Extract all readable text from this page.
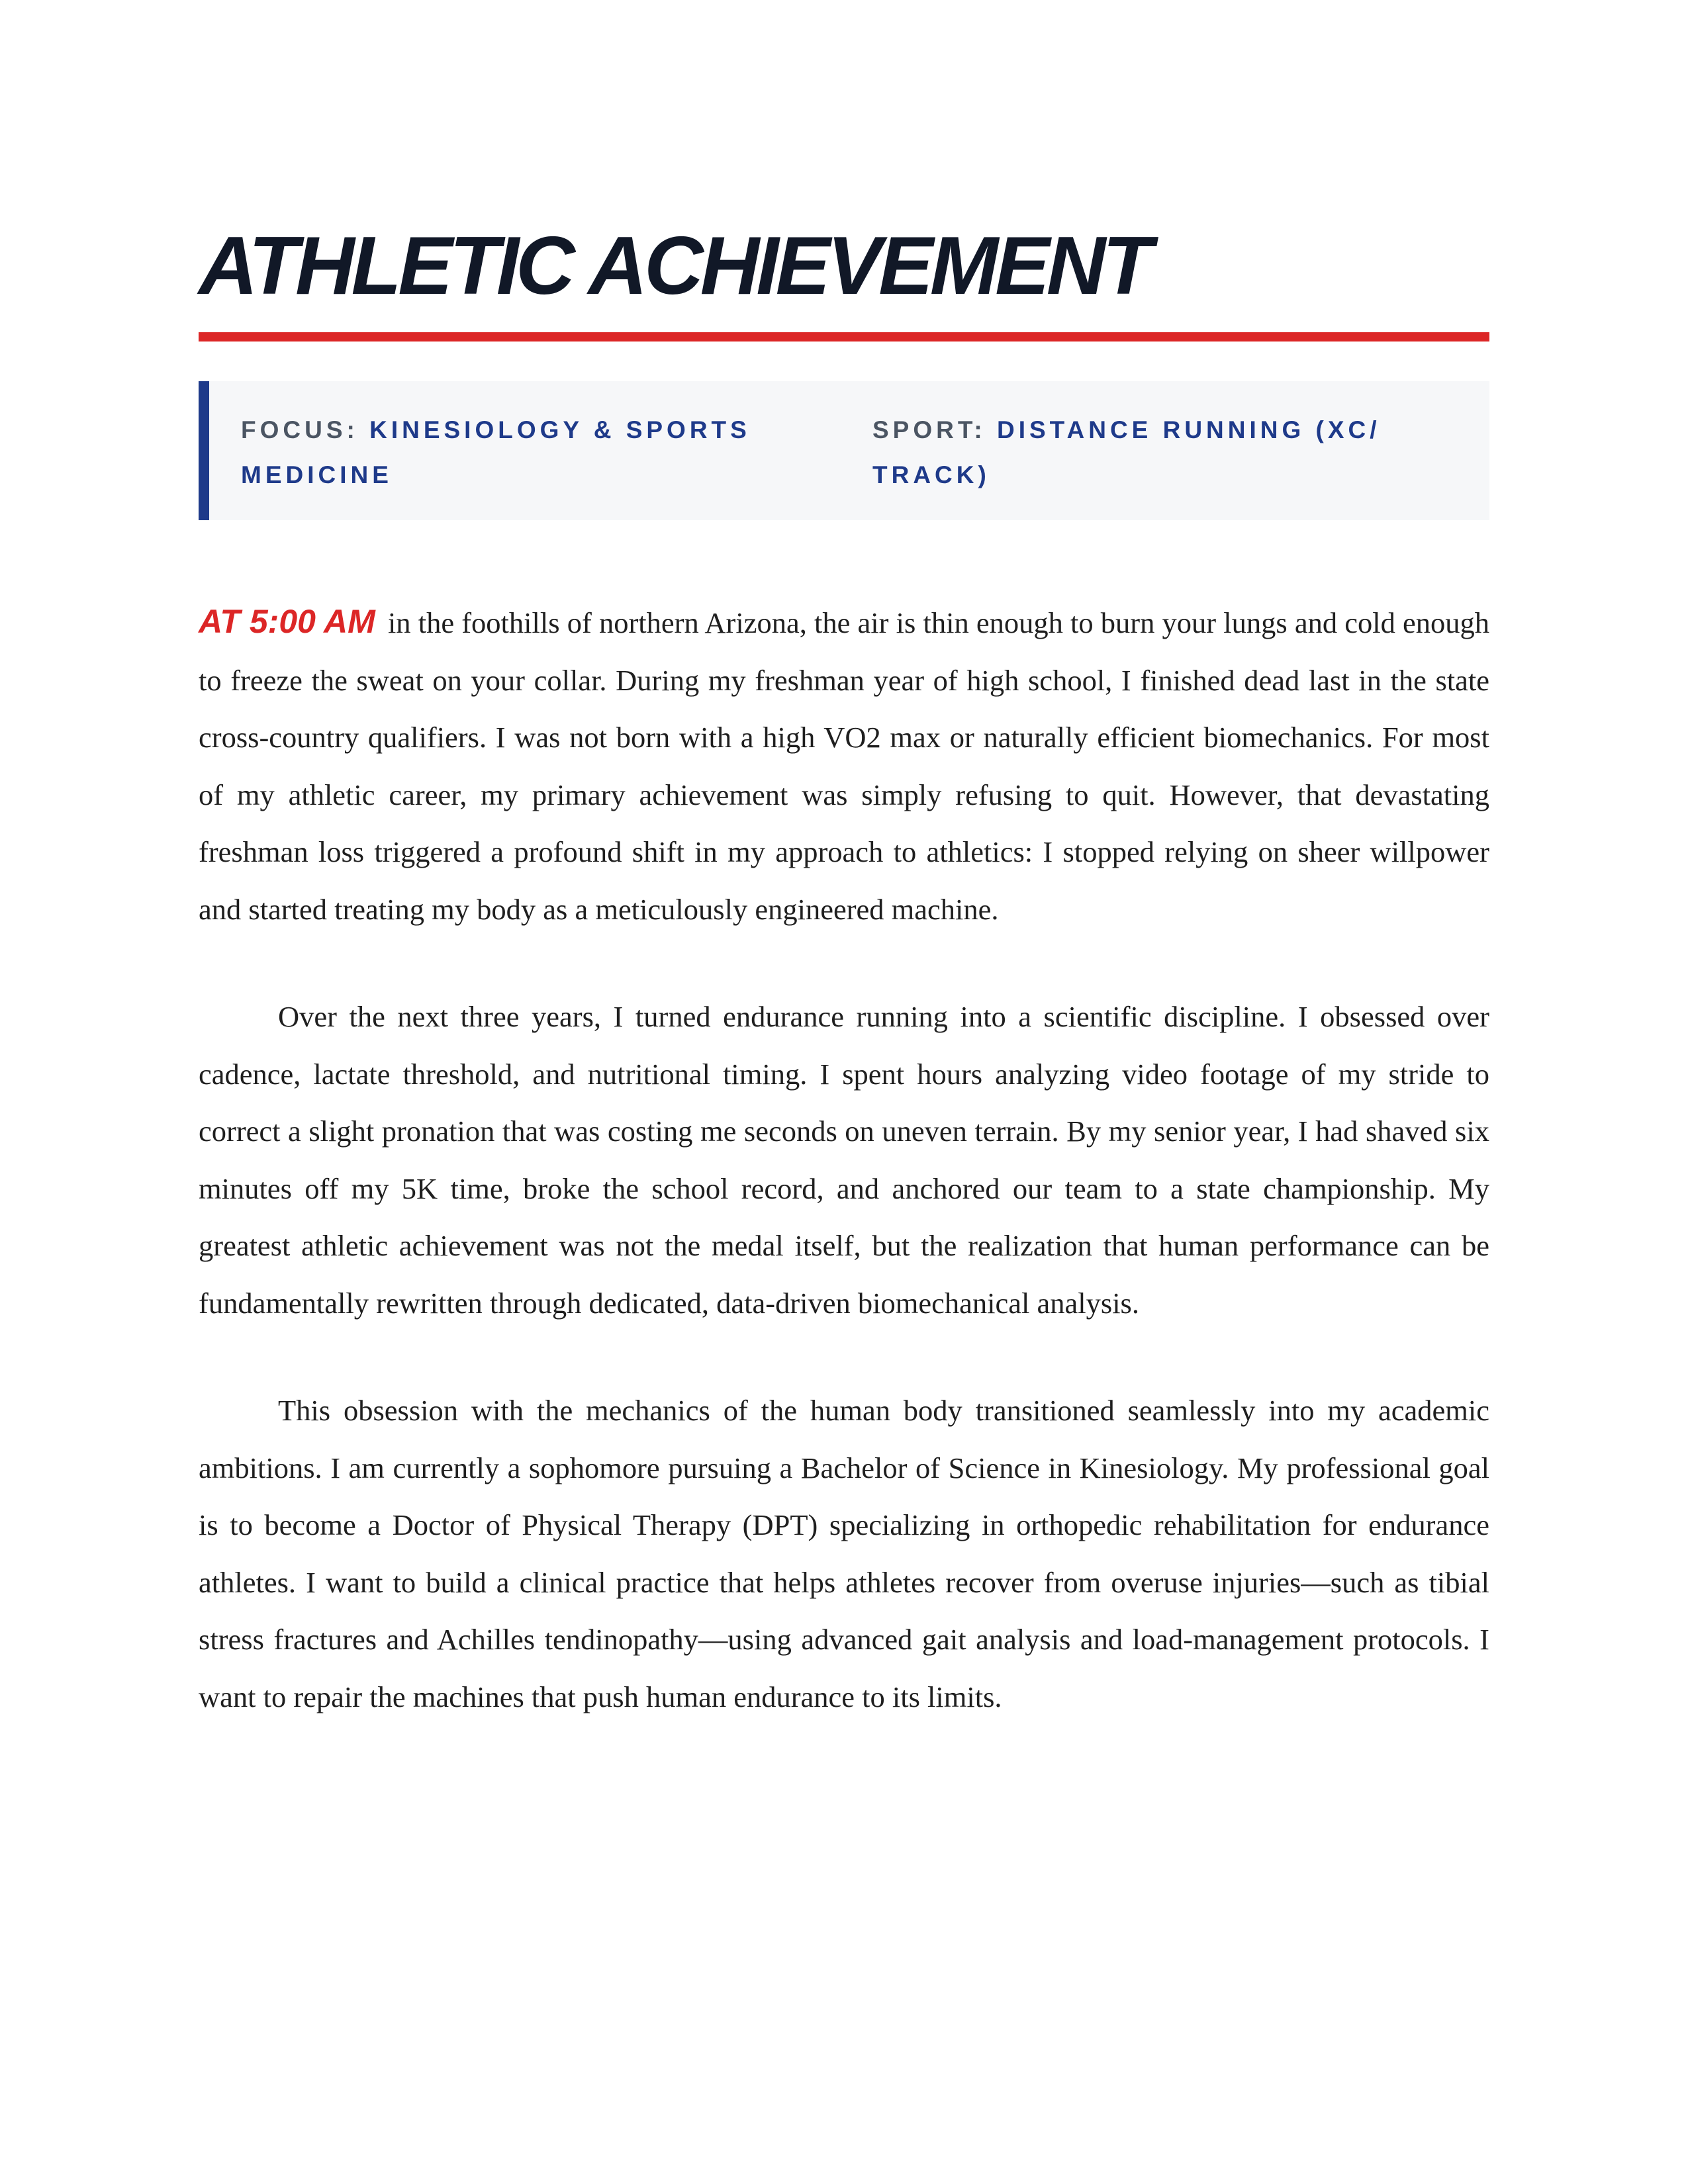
ATHLETIC ACHIEVEMENT
FOCUS: KINESIOLOGY & SPORTS MEDICINE
SPORT: DISTANCE RUNNING (XC/ TRACK)

AT 5:00 AM in the foothills of northern Arizona, the air is thin enough to burn your lungs and cold enough to freeze the sweat on your collar. During my freshman year of high school, I finished dead last in the state cross-country qualifiers. I was not born with a high VO2 max or naturally efficient biomechanics. For most of my athletic career, my primary achievement was simply refusing to quit. However, that devastating freshman loss triggered a profound shift in my approach to athletics: I stopped relying on sheer willpower and started treating my body as a meticulously engineered machine.

Over the next three years, I turned endurance running into a scientific discipline. I obsessed over cadence, lactate threshold, and nutritional timing. I spent hours analyzing video footage of my stride to correct a slight pronation that was costing me seconds on uneven terrain. By my senior year, I had shaved six minutes off my 5K time, broke the school record, and anchored our team to a state championship. My greatest athletic achievement was not the medal itself, but the realization that human performance can be fundamentally rewritten through dedicated, data-driven biomechanical analysis.

This obsession with the mechanics of the human body transitioned seamlessly into my academic ambitions. I am currently a sophomore pursuing a Bachelor of Science in Kinesiology. My professional goal is to become a Doctor of Physical Therapy (DPT) specializing in orthopedic rehabilitation for endurance athletes. I want to build a clinical practice that helps athletes recover from overuse injuries—such as tibial stress fractures and Achilles tendinopathy—using advanced gait analysis and load-management protocols. I want to repair the machines that push human endurance to its limits.
